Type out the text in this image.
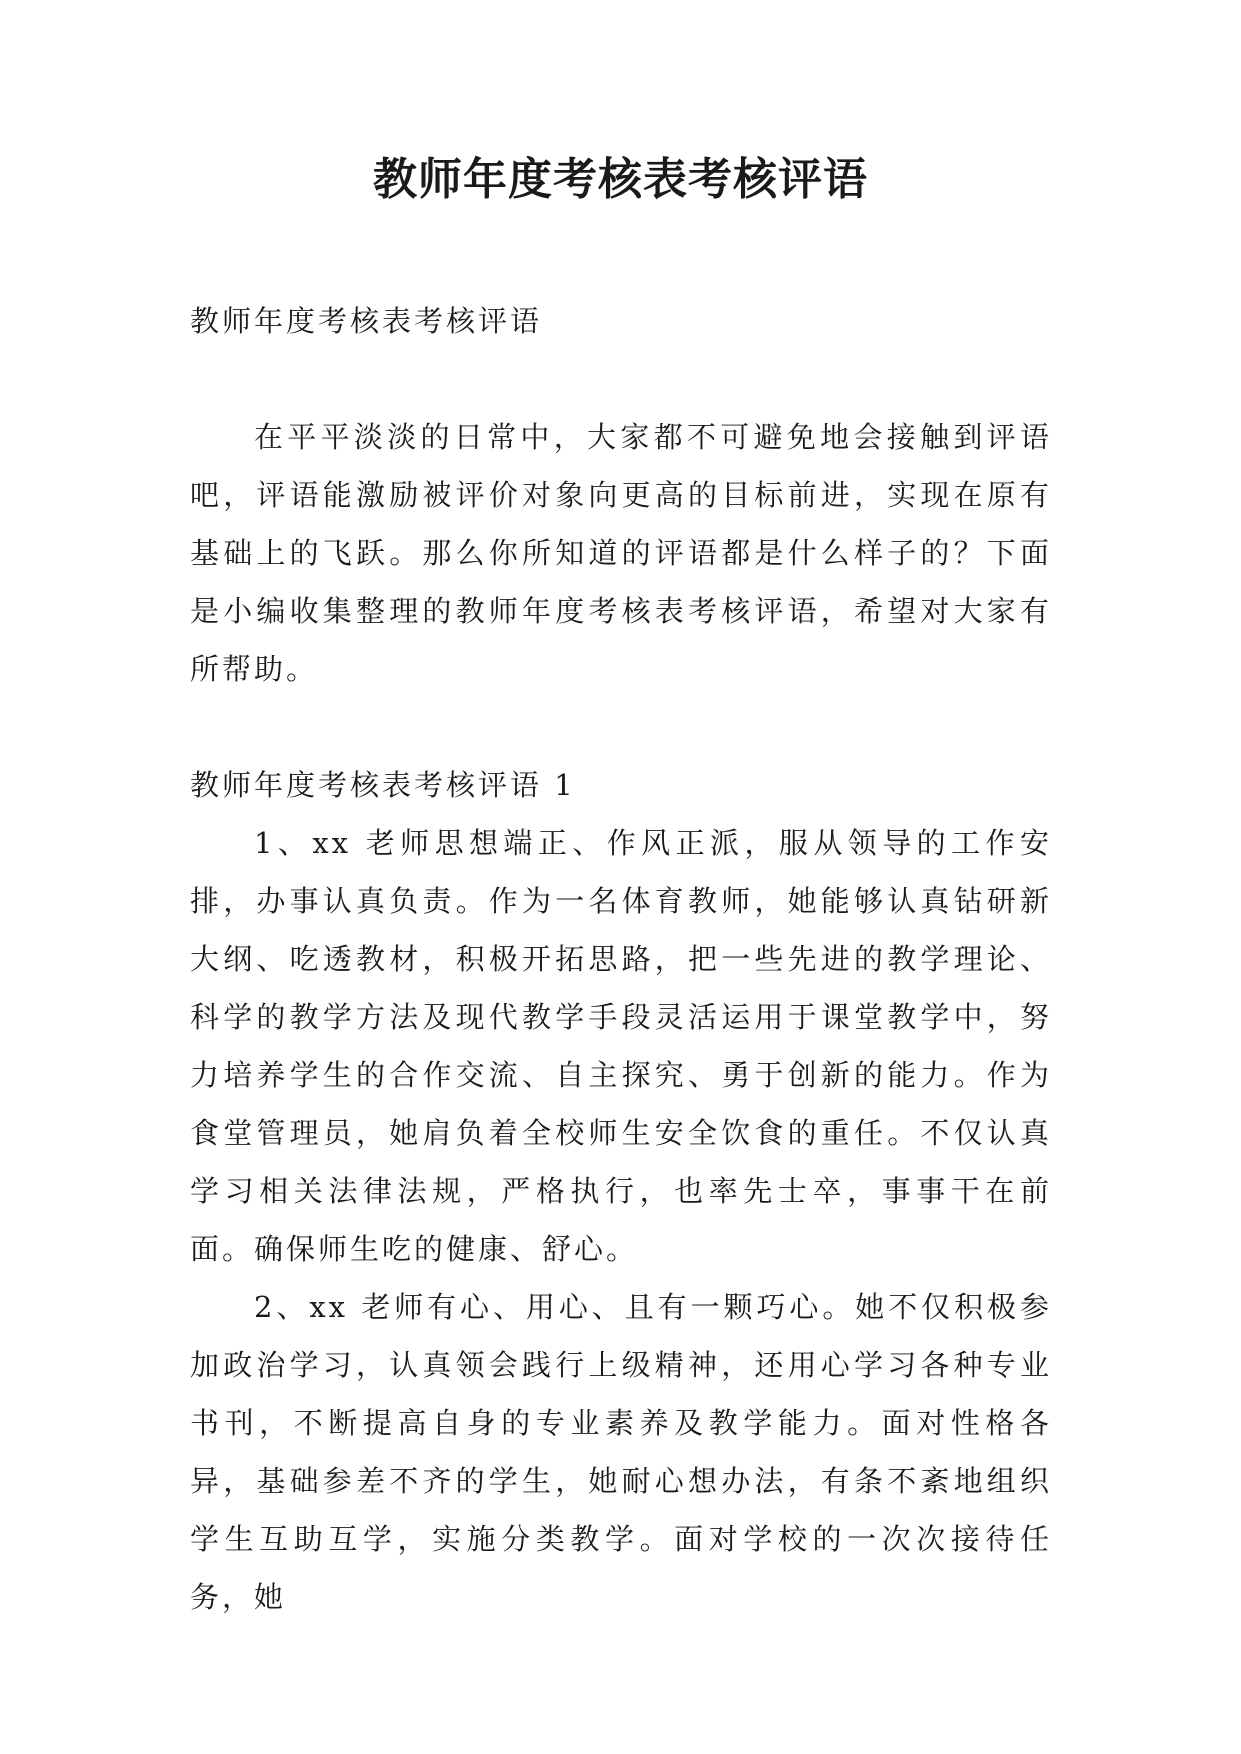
教师年度考核表考核评语

教师年度考核表考核评语

在平平淡淡的日常中，大家都不可避免地会接触到评语吧，评语能激励被评价对象向更高的目标前进，实现在原有基础上的飞跃。那么你所知道的评语都是什么样子的？下面是小编收集整理的教师年度考核表考核评语，希望对大家有所帮助。

教师年度考核表考核评语 1

1、xx 老师思想端正、作风正派，服从领导的工作安排，办事认真负责。作为一名体育教师，她能够认真钻研新大纲、吃透教材，积极开拓思路，把一些先进的教学理论、科学的教学方法及现代教学手段灵活运用于课堂教学中，努力培养学生的合作交流、自主探究、勇于创新的能力。作为食堂管理员，她肩负着全校师生安全饮食的重任。不仅认真学习相关法律法规，严格执行，也率先士卒，事事干在前面。确保师生吃的健康、舒心。

2、xx 老师有心、用心、且有一颗巧心。她不仅积极参加政治学习，认真领会践行上级精神，还用心学习各种专业书刊，不断提高自身的专业素养及教学能力。面对性格各异，基础参差不齐的学生，她耐心想办法，有条不紊地组织学生互助互学，实施分类教学。面对学校的一次次接待任务，她
